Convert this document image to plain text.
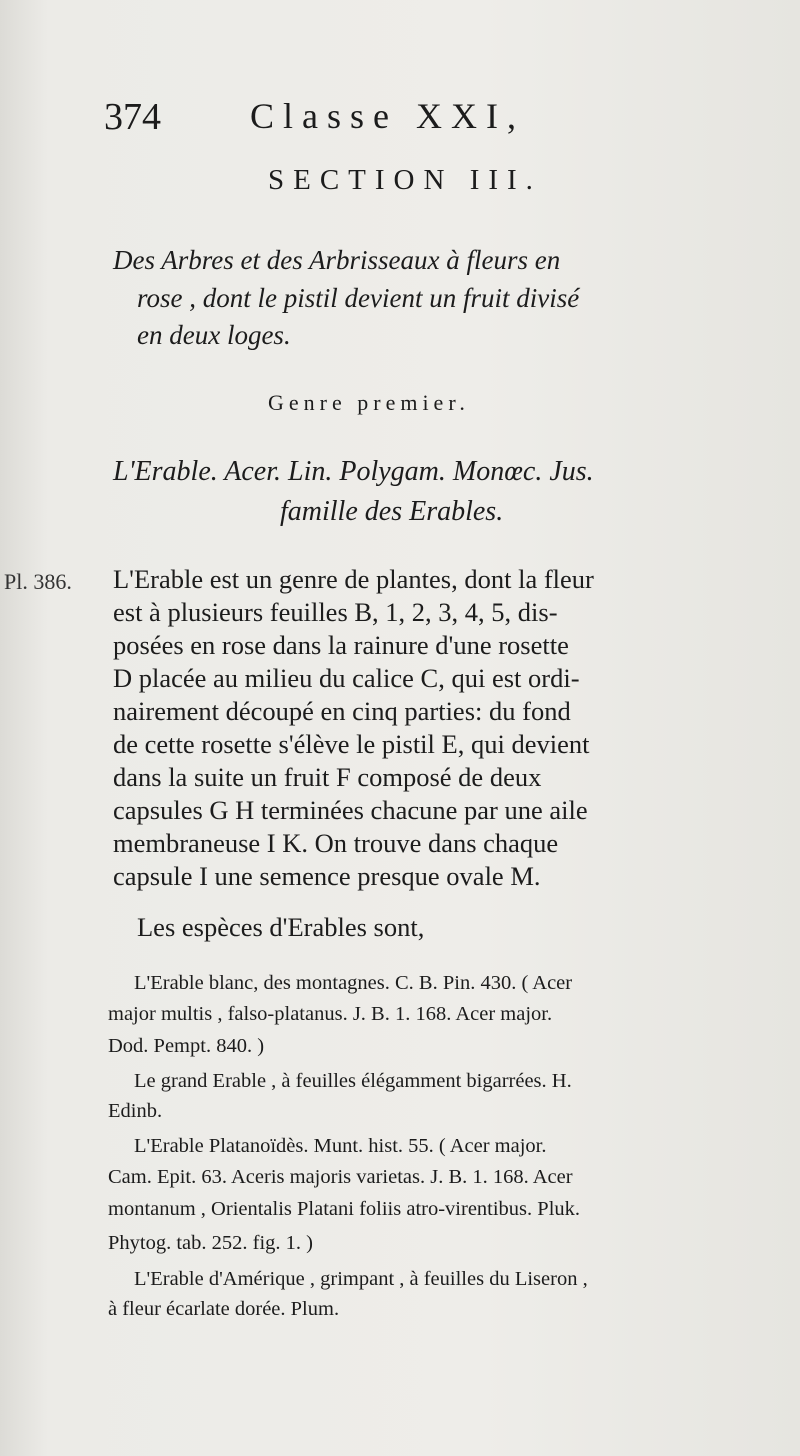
374 Classe XXI,
SECTION III.
Des Arbres et des Arbrisseaux à fleurs en
rose , dont le pistil devient un fruit divisé
en deux loges.
Genre premier.
L'Erable. Acer. Lin. Polygam. Monœc. Jus.
famille des Erables.
Pl. 386. L'Erable est un genre de plantes, dont la fleur
est à plusieurs feuilles B, 1, 2, 3, 4, 5, dis-
posées en rose dans la rainure d'une rosette
D placée au milieu du calice C, qui est ordi-
nairement découpé en cinq parties: du fond
de cette rosette s'élève le pistil E, qui devient
dans la suite un fruit F composé de deux
capsules G H terminées chacune par une aile
membraneuse I K. On trouve dans chaque
capsule I une semence presque ovale M.
Les espèces d'Erables sont,
L'Erable blanc, des montagnes. C. B. Pin. 430. ( Acer
major multis , falso-platanus. J. B. 1. 168. Acer major.
Dod. Pempt. 840. )
Le grand Erable , à feuilles élégamment bigarrées. H.
Edinb.
L'Erable Platanoïdès. Munt. hist. 55. ( Acer major.
Cam. Epit. 63. Aceris majoris varietas. J. B. 1. 168. Acer
montanum , Orientalis Platani foliis atro-virentibus. Pluk.
Phytog. tab. 252. fig. 1. )
L'Erable d'Amérique , grimpant , à feuilles du Liseron ,
à fleur écarlate dorée. Plum.
